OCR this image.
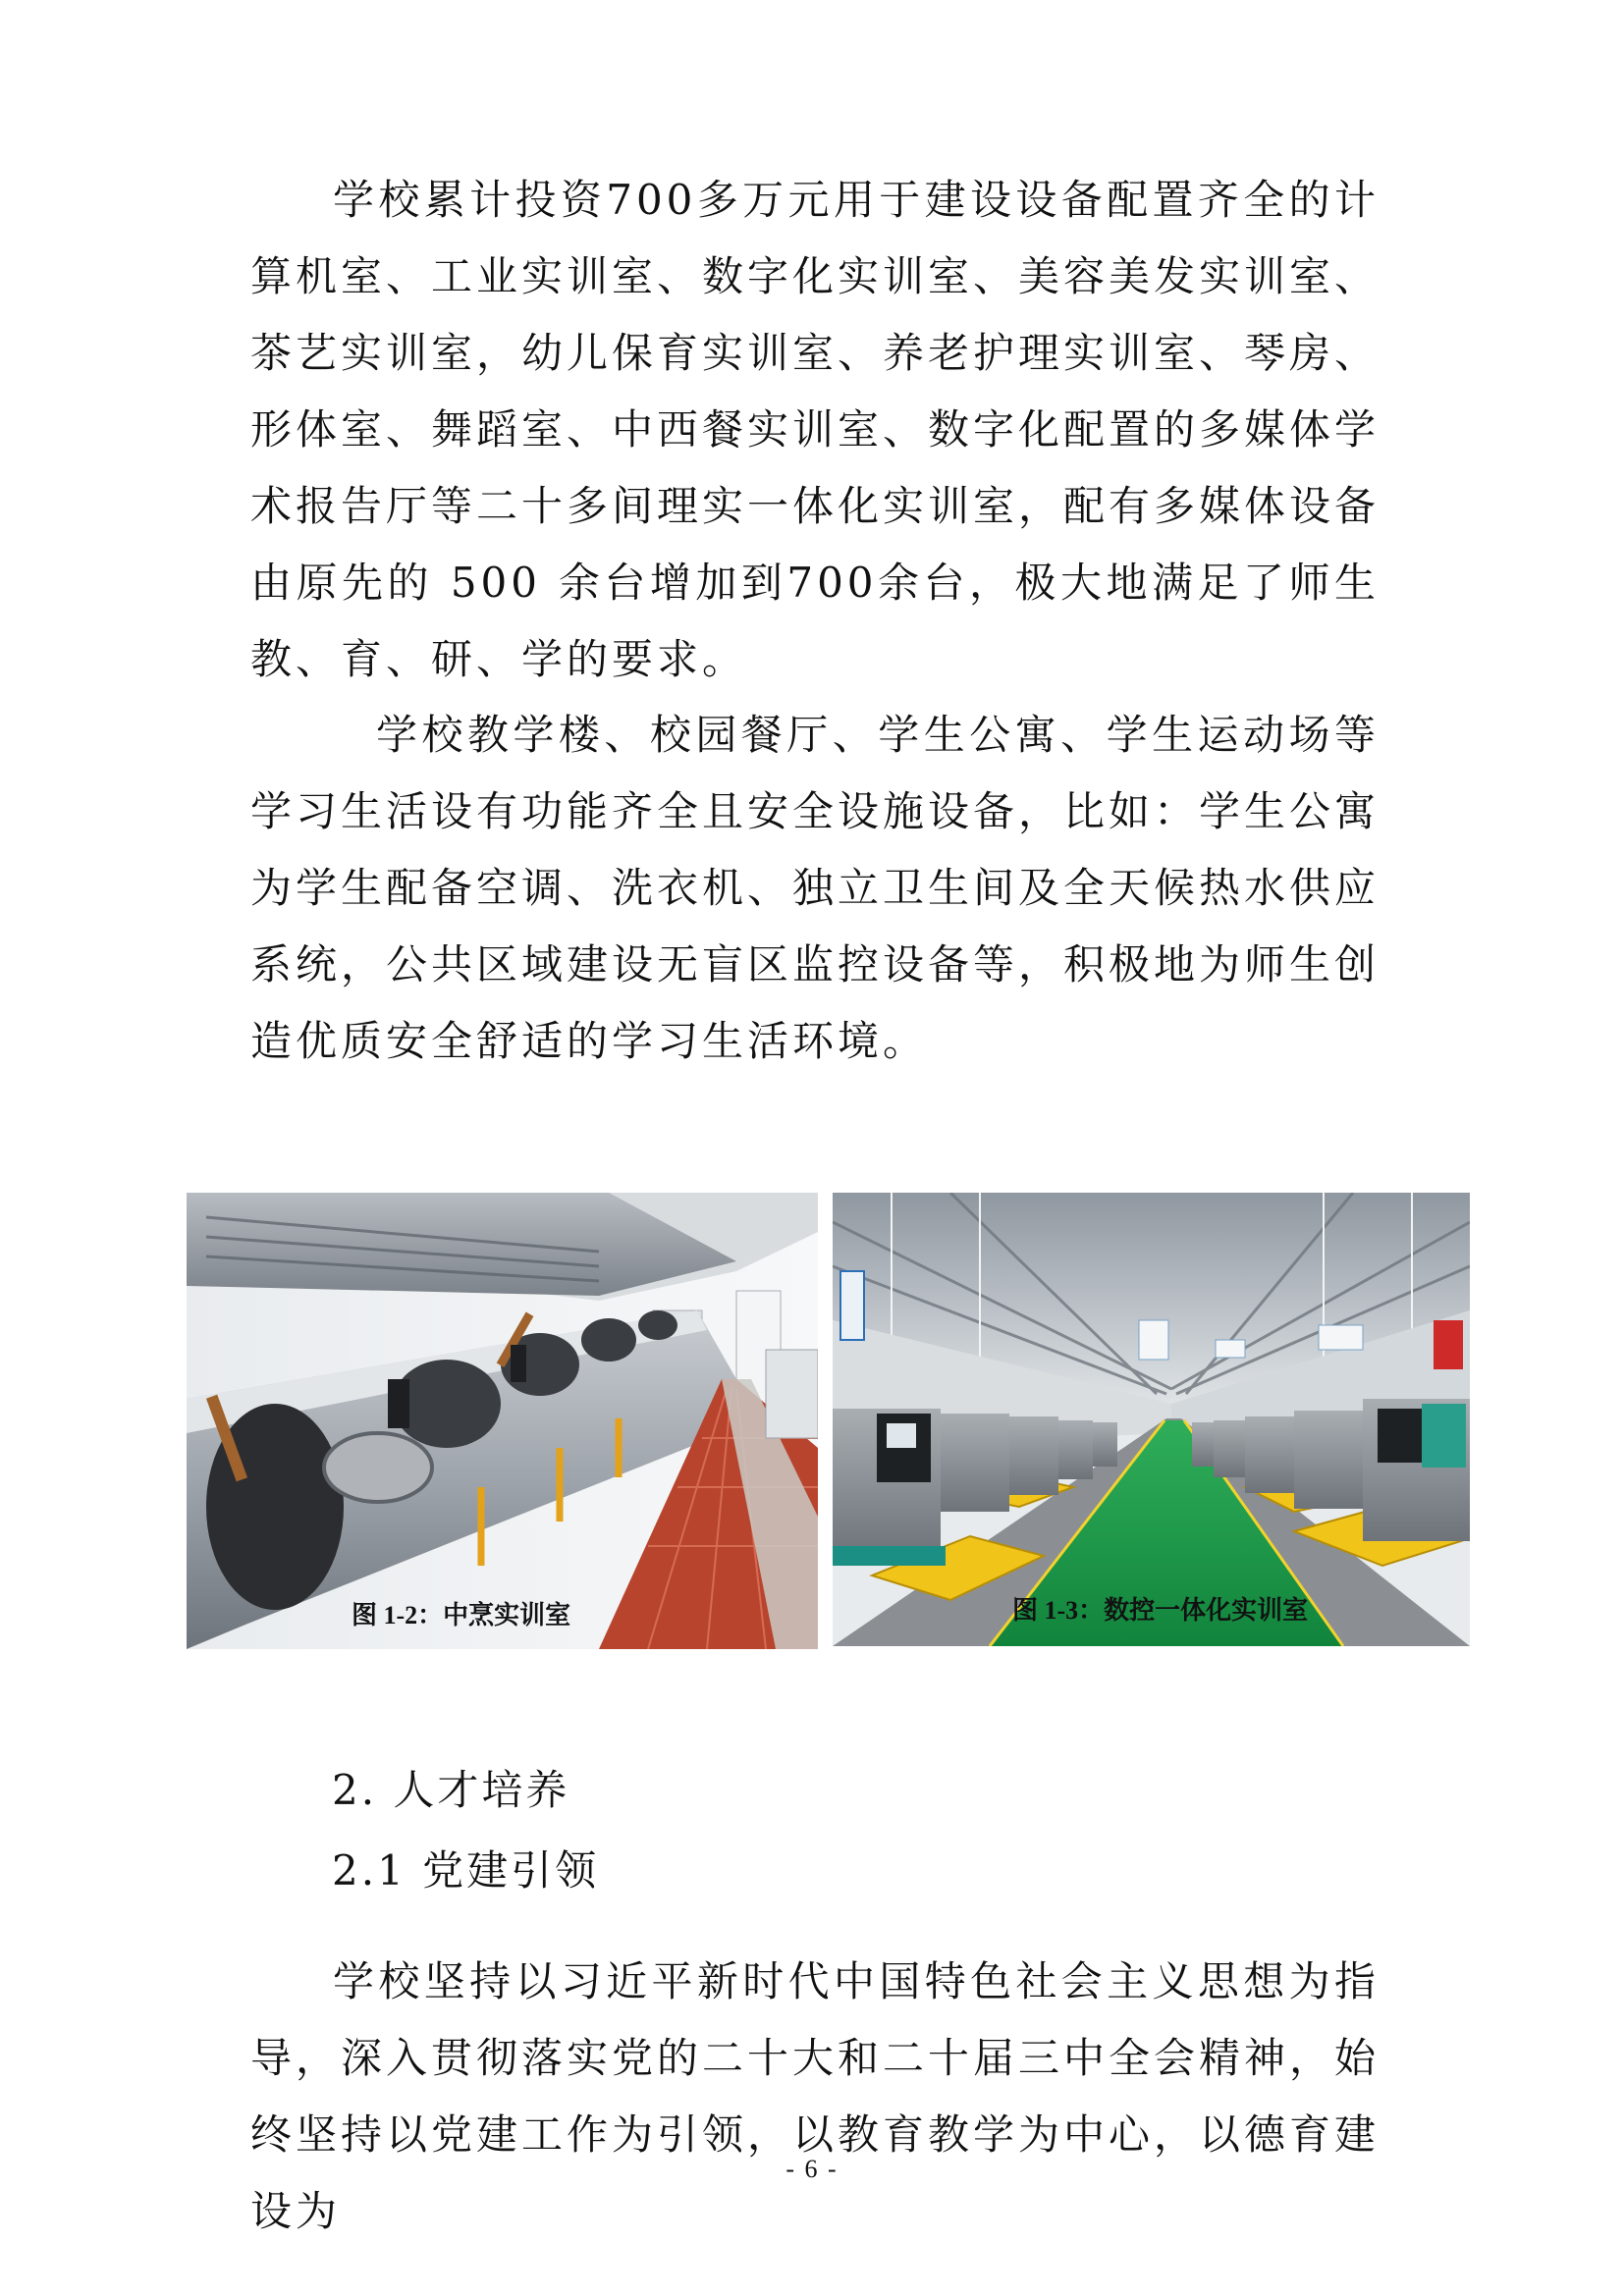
学校累计投资700多万元用于建设设备配置齐全的计算机室、工业实训室、数字化实训室、美容美发实训室、茶艺实训室，幼儿保育实训室、养老护理实训室、琴房、形体室、舞蹈室、中西餐实训室、数字化配置的多媒体学术报告厅等二十多间理实一体化实训室，配有多媒体设备由原先的 500 余台增加到700余台，极大地满足了师生教、育、研、学的要求。

学校教学楼、校园餐厅、学生公寓、学生运动场等学习生活设有功能齐全且安全设施设备，比如：学生公寓为学生配备空调、洗衣机、独立卫生间及全天候热水供应系统，公共区域建设无盲区监控设备等，积极地为师生创造优质安全舒适的学习生活环境。

图 1-2：中烹实训室	图 1-3：数控一体化实训室
2. 人才培养
2.1 党建引领

学校坚持以习近平新时代中国特色社会主义思想为指导，深入贯彻落实党的二十大和二十届三中全会精神，始终坚持以党建工作为引领，以教育教学为中心，以德育建设为

- 6 -
